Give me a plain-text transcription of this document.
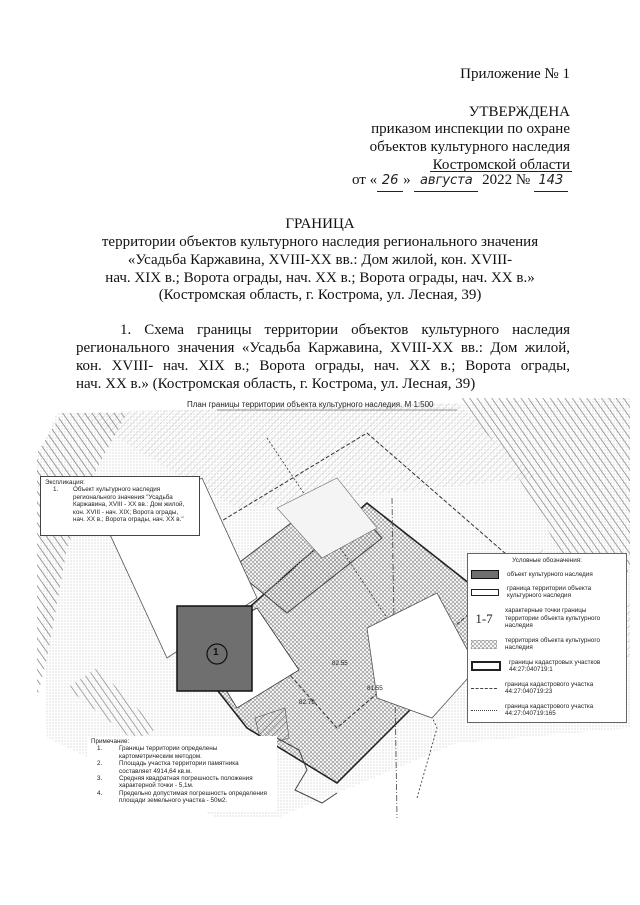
Приложение № 1
УТВЕРЖДЕНА
приказом инспекции по охране
объектов культурного наследия
Костромской области
от « 26 » августа 2022 № 143
ГРАНИЦА
территории объектов культурного наследия регионального значения
«Усадьба Каржавина, XVIII-XX вв.: Дом жилой, кон. XVIII-
нач. XIX в.; Ворота ограды, нач. XX в.; Ворота ограды, нач. XX в.»
(Костромская область, г. Кострома, ул. Лесная, 39)
1. Схема границы территории объектов культурного наследия
регионального значения «Усадьба Каржавина, XVIII-XX вв.: Дом жилой,
кон. XVIII- нач. XIX в.; Ворота ограды, нач. XX в.; Ворота ограды,
нач. XX в.» (Костромская область, г. Кострома, ул. Лесная, 39)
План границы территории объекта культурного наследия. М 1:500
1
81.55
82.79
82.55
Экспликация:
1.	Объект культурного наследия
регионального значения "Усадьба
Каржавина, XVIII - XX вв.: Дом жилой,
кон. XVIII - нач. XIX; Ворота ограды,
нач. XX в.; Ворота ограды, нач. XX в."
Условные обозначения:
объект культурного наследия
граница территории объекта
культурного наследия
1-7	характерные точки границы
территории объекта культурного
наследия
территория объекта культурного
наследия
границы кадастровых участков
44:27:040719:1
граница кадастрового участка
44:27:040719:23
граница кадастрового участка
44:27:040719:165
Примечание:
1.	Границы территории определены
картометрическим методом.
2.	Площадь участка территории памятника
составляет 4914,64 кв.м.
3.	Средняя квадратная погрешность положения
характерной точки - 5,1м.
4.	Предельно допустимая погрешность определения
площади земельного участка - 50м2.
